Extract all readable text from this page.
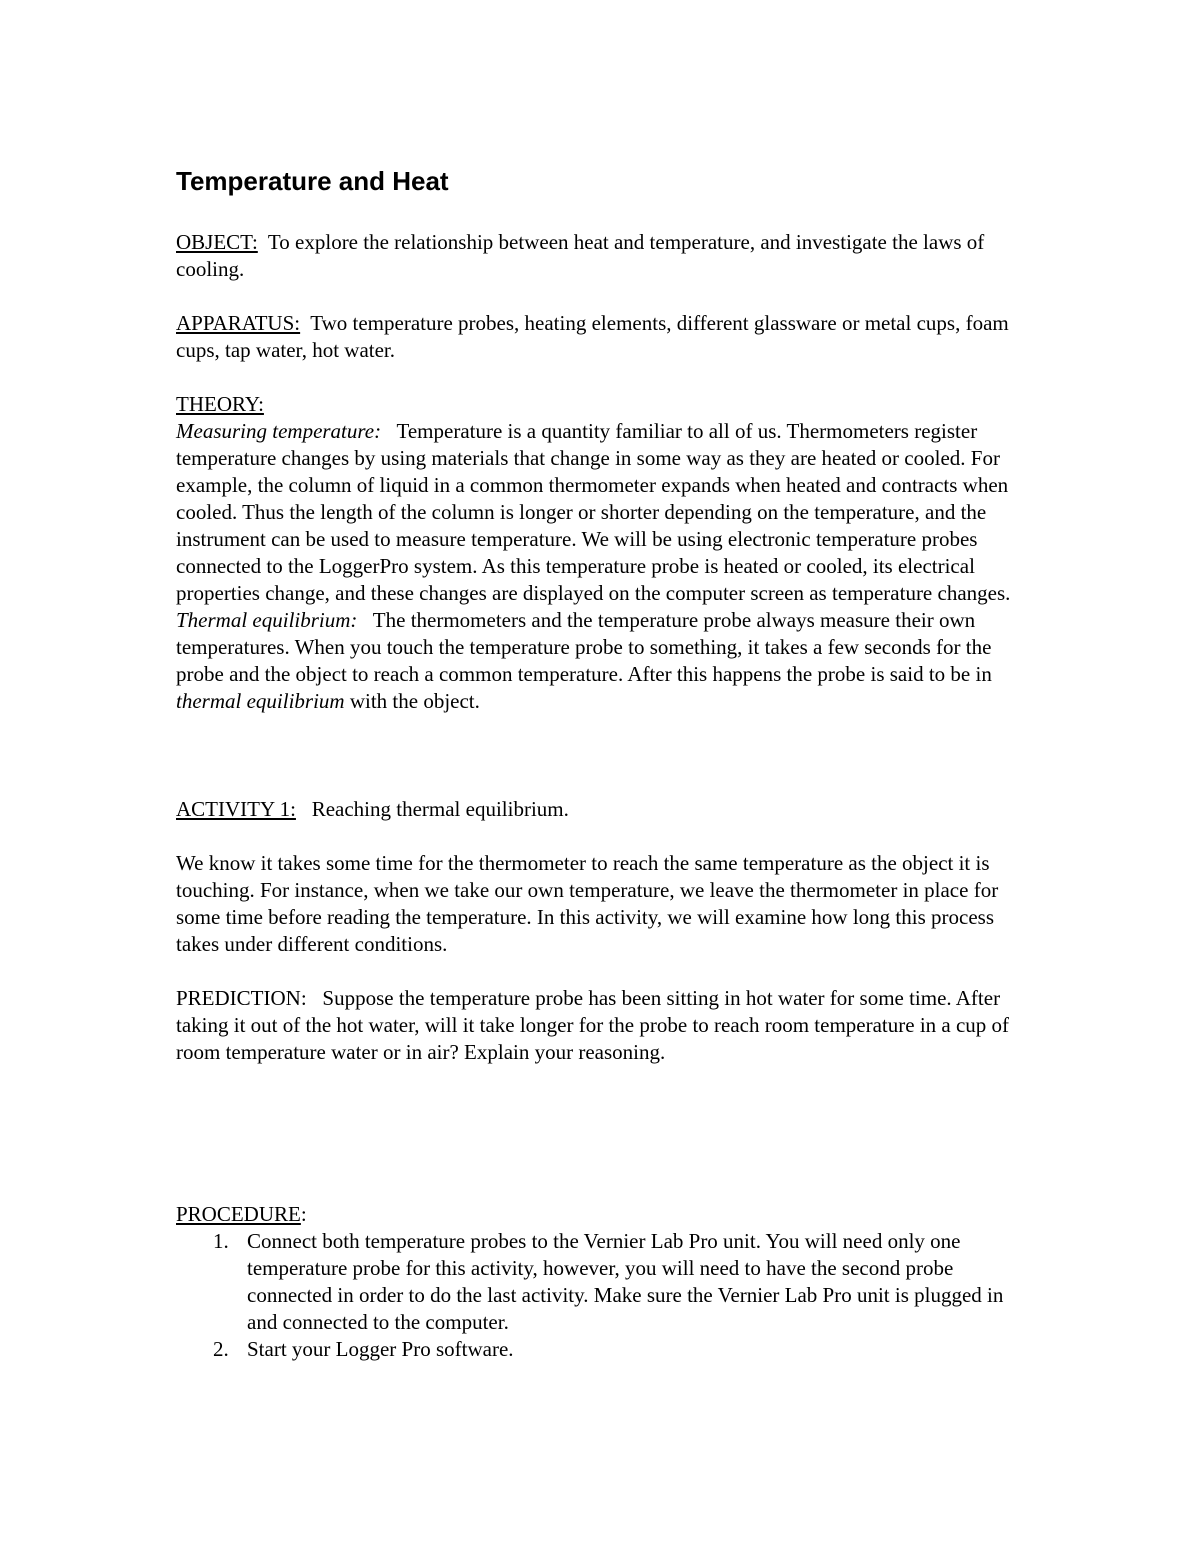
Temperature and Heat

OBJECT: To explore the relationship between heat and temperature, and investigate the laws of cooling.

APPARATUS: Two temperature probes, heating elements, different glassware or metal cups, foam cups, tap water, hot water.

THEORY:

Measuring temperature: Temperature is a quantity familiar to all of us. Thermometers register temperature changes by using materials that change in some way as they are heated or cooled. For example, the column of liquid in a common thermometer expands when heated and contracts when cooled. Thus the length of the column is longer or shorter depending on the temperature, and the instrument can be used to measure temperature. We will be using electronic temperature probes connected to the LoggerPro system. As this temperature probe is heated or cooled, its electrical properties change, and these changes are displayed on the computer screen as temperature changes.

Thermal equilibrium: The thermometers and the temperature probe always measure their own temperatures. When you touch the temperature probe to something, it takes a few seconds for the probe and the object to reach a common temperature. After this happens the probe is said to be in thermal equilibrium with the object.

ACTIVITY 1: Reaching thermal equilibrium.

We know it takes some time for the thermometer to reach the same temperature as the object it is touching. For instance, when we take our own temperature, we leave the thermometer in place for some time before reading the temperature. In this activity, we will examine how long this process takes under different conditions.

PREDICTION: Suppose the temperature probe has been sitting in hot water for some time. After taking it out of the hot water, will it take longer for the probe to reach room temperature in a cup of room temperature water or in air? Explain your reasoning.

PROCEDURE:

1. Connect both temperature probes to the Vernier Lab Pro unit. You will need only one temperature probe for this activity, however, you will need to have the second probe connected in order to do the last activity. Make sure the Vernier Lab Pro unit is plugged in and connected to the computer.
2. Start your Logger Pro software.
